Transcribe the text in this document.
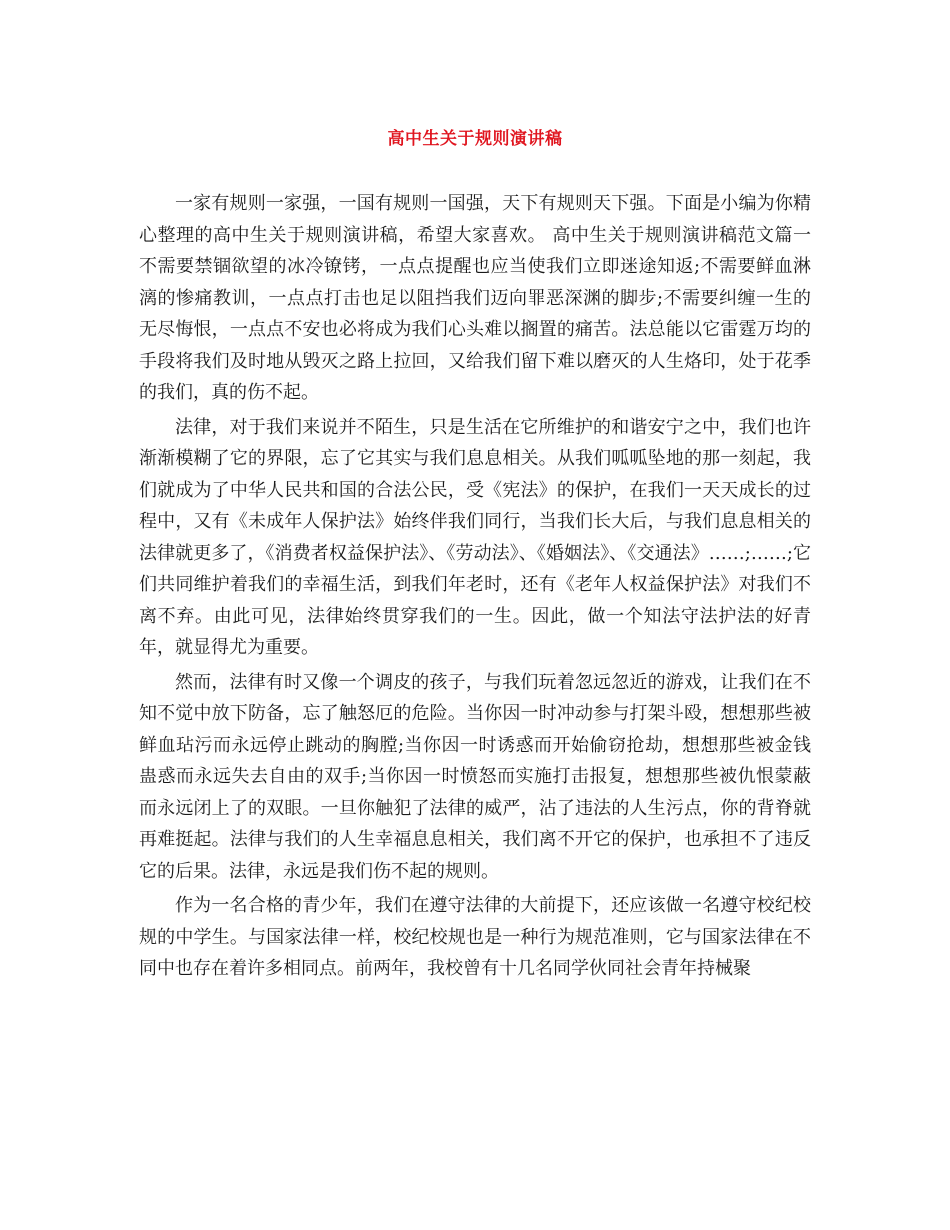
高中生关于规则演讲稿

一家有规则一家强，一国有规则一国强，天下有规则天下强。下面是小编为你精心整理的高中生关于规则演讲稿，希望大家喜欢。 高中生关于规则演讲稿范文篇一 不需要禁锢欲望的冰冷镣铐，一点点提醒也应当使我们立即迷途知返;不需要鲜血淋漓的惨痛教训，一点点打击也足以阻挡我们迈向罪恶深渊的脚步;不需要纠缠一生的无尽悔恨，一点点不安也必将成为我们心头难以搁置的痛苦。法总能以它雷霆万均的手段将我们及时地从毁灭之路上拉回，又给我们留下难以磨灭的人生烙印，处于花季的我们，真的伤不起。

法律，对于我们来说并不陌生，只是生活在它所维护的和谐安宁之中，我们也许渐渐模糊了它的界限，忘了它其实与我们息息相关。从我们呱呱坠地的那一刻起，我们就成为了中华人民共和国的合法公民，受《宪法》的保护，在我们一天天成长的过程中，又有《未成年人保护法》始终伴我们同行，当我们长大后，与我们息息相关的法律就更多了，《消费者权益保护法》、《劳动法》、《婚姻法》、《交通法》……;……;它们共同维护着我们的幸福生活，到我们年老时，还有《老年人权益保护法》对我们不离不弃。由此可见，法律始终贯穿我们的一生。因此，做一个知法守法护法的好青年，就显得尤为重要。

然而，法律有时又像一个调皮的孩子，与我们玩着忽远忽近的游戏，让我们在不知不觉中放下防备，忘了触怒厄的危险。当你因一时冲动参与打架斗殴，想想那些被鲜血玷污而永远停止跳动的胸膛;当你因一时诱惑而开始偷窃抢劫，想想那些被金钱蛊惑而永远失去自由的双手;当你因一时愤怒而实施打击报复，想想那些被仇恨蒙蔽而永远闭上了的双眼。一旦你触犯了法律的威严，沾了违法的人生污点，你的背脊就再难挺起。法律与我们的人生幸福息息相关，我们离不开它的保护，也承担不了违反它的后果。法律，永远是我们伤不起的规则。

作为一名合格的青少年，我们在遵守法律的大前提下，还应该做一名遵守校纪校规的中学生。与国家法律一样，校纪校规也是一种行为规范准则，它与国家法律在不同中也存在着许多相同点。前两年，我校曾有十几名同学伙同社会青年持械聚
